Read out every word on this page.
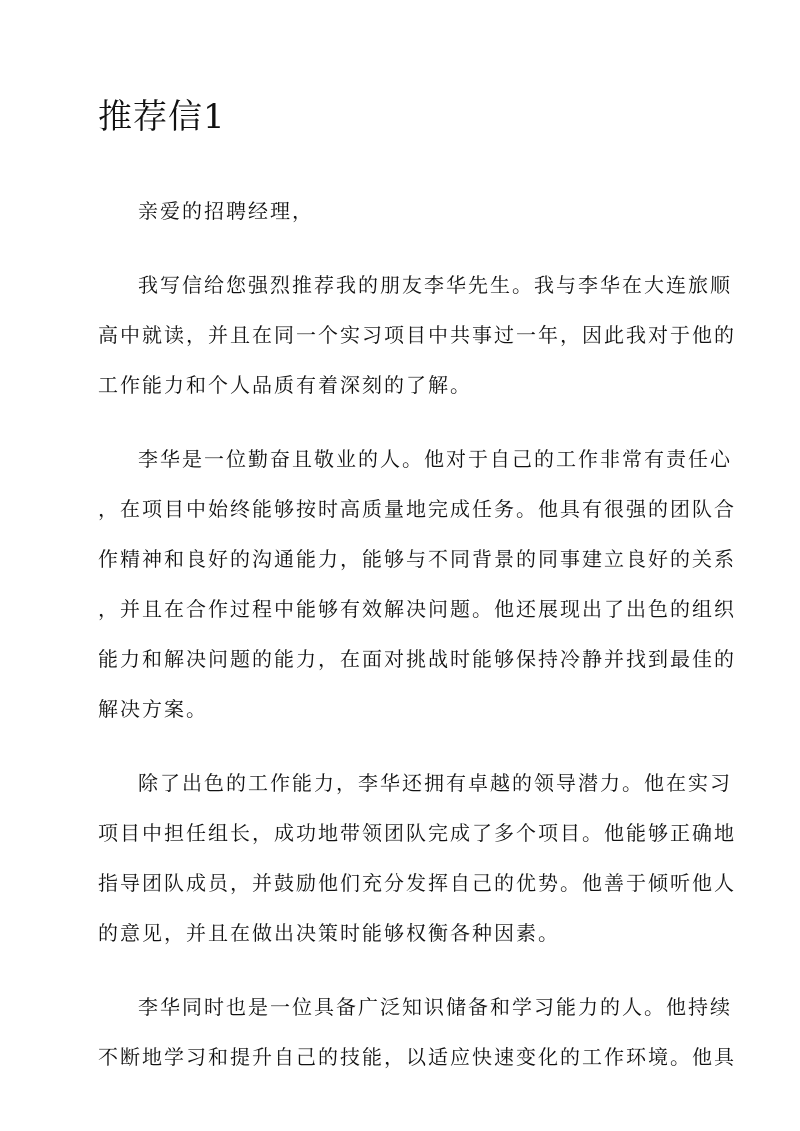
推荐信1

亲爱的招聘经理，

我写信给您强烈推荐我的朋友李华先生。我与李华在大连旅顺
高中就读，并且在同一个实习项目中共事过一年，因此我对于他的
工作能力和个人品质有着深刻的了解。

李华是一位勤奋且敬业的人。他对于自己的工作非常有责任心
，在项目中始终能够按时高质量地完成任务。他具有很强的团队合
作精神和良好的沟通能力，能够与不同背景的同事建立良好的关系
，并且在合作过程中能够有效解决问题。他还展现出了出色的组织
能力和解决问题的能力，在面对挑战时能够保持冷静并找到最佳的
解决方案。

除了出色的工作能力，李华还拥有卓越的领导潜力。他在实习
项目中担任组长，成功地带领团队完成了多个项目。他能够正确地
指导团队成员，并鼓励他们充分发挥自己的优势。他善于倾听他人
的意见，并且在做出决策时能够权衡各种因素。

李华同时也是一位具备广泛知识储备和学习能力的人。他持续
不断地学习和提升自己的技能，以适应快速变化的工作环境。他具
